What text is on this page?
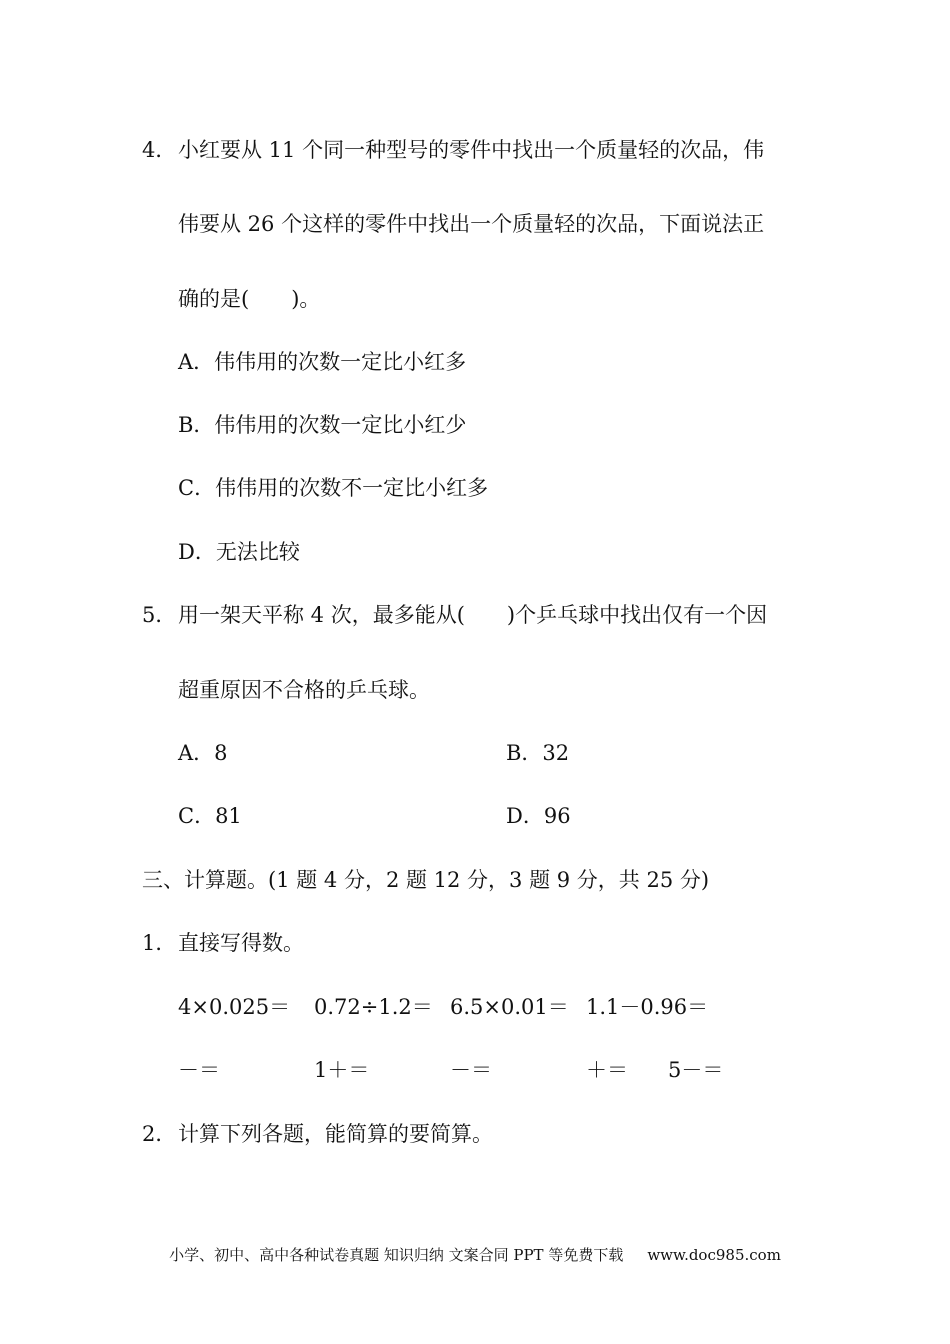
4． 小红要从 11 个同一种型号的零件中找出一个质量轻的次品，伟
伟要从 26 个这样的零件中找出一个质量轻的次品，下面说法正
确的是(　　)。
A．伟伟用的次数一定比小红多
B．伟伟用的次数一定比小红少
C．伟伟用的次数不一定比小红多
D．无法比较
5． 用一架天平称 4 次，最多能从(　　)个乒乓球中找出仅有一个因
超重原因不合格的乒乓球。
A．8	B．32
C．81	D．96
三、计算题。(1 题 4 分，2 题 12 分，3 题 9 分，共 25 分)
1． 直接写得数。
4×0.025＝ 0.72÷1.2＝ 6.5×0.01＝ 1.1－0.96＝
－＝	1＋＝	－＝	＋＝ 5－＝
2． 计算下列各题，能简算的要简算。
小学、初中、高中各种试卷真题 知识归纳 文案合同 PPT 等免费下载 www.doc985.com
